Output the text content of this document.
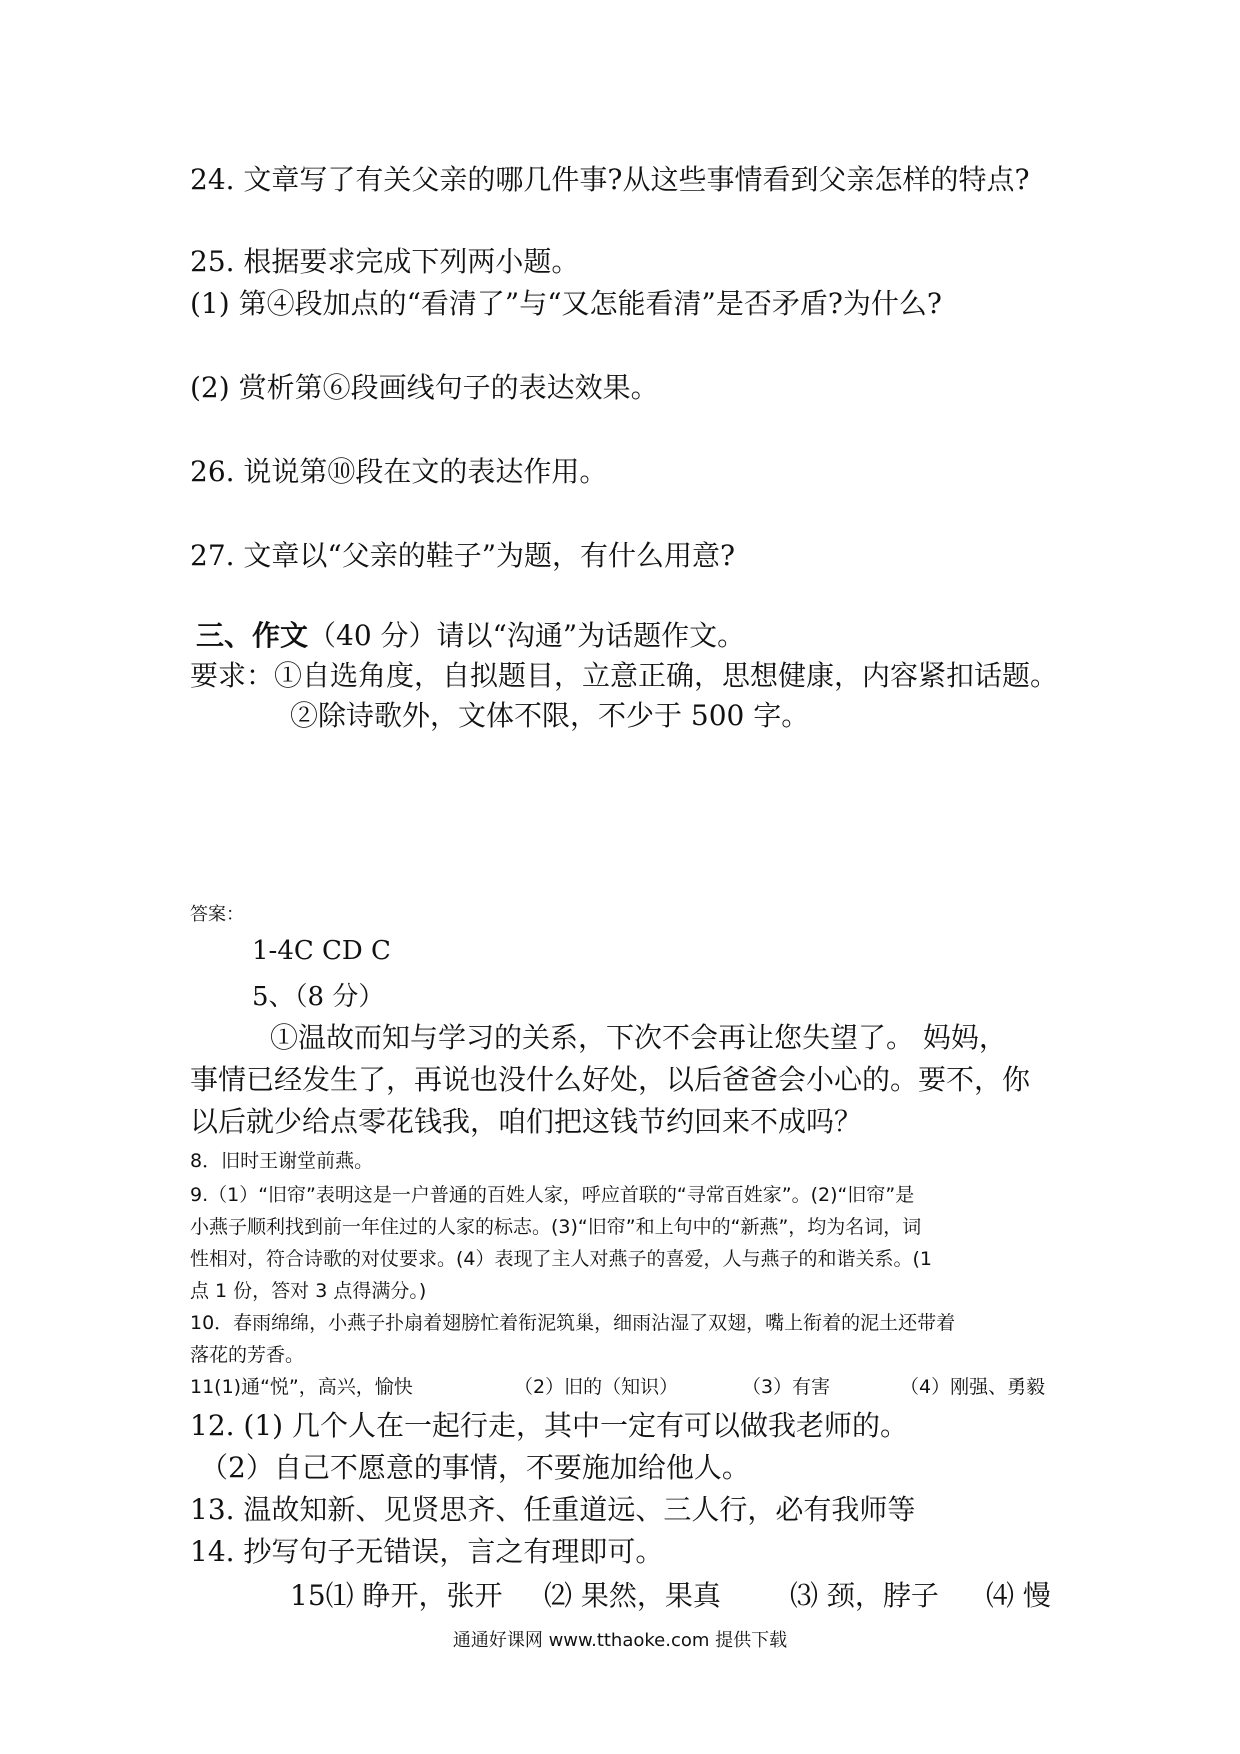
24. 文章写了有关父亲的哪几件事?从这些事情看到父亲怎样的特点?
25. 根据要求完成下列两小题。
(1) 第④段加点的“看清了”与“又怎能看清”是否矛盾?为什么?
(2) 赏析第⑥段画线句子的表达效果。
26. 说说第⑩段在文的表达作用。
27. 文章以“父亲的鞋子”为题，有什么用意?
三、作文（40 分）请以“沟通”为话题作文。
要求：①自选角度，自拟题目，立意正确，思想健康，内容紧扣话题。
②除诗歌外，文体不限，不少于 500 字。
答案：
1-4C CD C
5、（8 分）
①温故而知与学习的关系，下次不会再让您失望了。 妈妈，
事情已经发生了，再说也没什么好处，以后爸爸会小心的。要不，你
以后就少给点零花钱我，咱们把这钱节约回来不成吗？
8．旧时王谢堂前燕。
9.（1）“旧帘”表明这是一户普通的百姓人家，呼应首联的“寻常百姓家”。(2)“旧帘”是
小燕子顺利找到前一年住过的人家的标志。(3)“旧帘”和上句中的“新燕”，均为名词，词
性相对，符合诗歌的对仗要求。(4）表现了主人对燕子的喜爱，人与燕子的和谐关系。(1
点 1 份，答对 3 点得满分。)
10．春雨绵绵，小燕子扑扇着翅膀忙着衔泥筑巢，细雨沾湿了双翅，嘴上衔着的泥土还带着
落花的芳香。
11(1)通“悦”，高兴，愉快	（2）旧的（知识）	（3）有害	（4）刚强、勇毅
12. (1) 几个人在一起行走，其中一定有可以做我老师的。
（2）自己不愿意的事情，不要施加给他人。
13. 温故知新、见贤思齐、任重道远、三人行，必有我师等
14. 抄写句子无错误，言之有理即可。
15⑴ 睁开，张开 ⑵ 果然，果真 ⑶ 颈，脖子 ⑷ 慢
通通好课网 www.tthaoke.com 提供下载
